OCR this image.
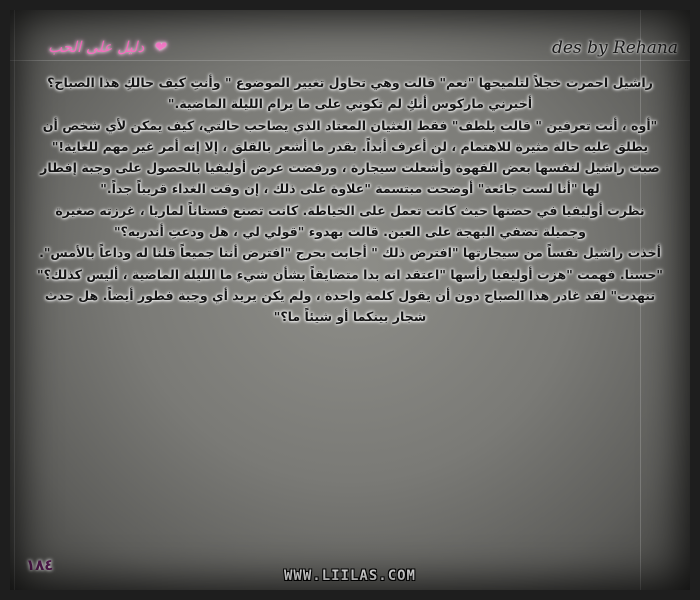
❤ دليل على الحب	des by Rehana

راشيل احمرت خجلاً لتلميحها "نعم" قالت وهي تحاول تغيير الموضوع " وأنتِ كيف حالكِ هذا الصباح؟ أخبرني ماركوس أنكِ لم تكوني على ما يرام الليلة الماضية."

"أوه ، أنت تعرفين " قالت بلطف" فقط الغثيان المعتاد الذي يصاحب حالتي، كيف يمكن لأي شخص أن يطلق عليه حالة مثيرة للاهتمام ، لن أعرف أبداً. بقدر ما أشعر بالقلق ، إلا إنه أمر غير مهم للغاية!"

صبت راشيل لنفسها بعض القهوة وأشعلت سيجارة ، ورفضت عرض أوليفيا بالحصول على وجبة إفطار لها "أنا لست جائعة" أوضحت مبتسمة "علاوة على ذلك ، إن وقت الغداء قريباً جداً."

نظرت أوليفيا في حضنها حيث كانت تعمل على الخياطة. كانت تصنع فستاناً لماريا ، غرزته صغيرة وجميلة تضفي البهجة على العين. قالت بهدوء "قولي لي ، هل ودعتِ أندريه؟"

أخذت راشيل نفساً من سيجارتها "افترض ذلك " أجابت بحرج "افترض أننا جميعاً قلنا له وداعاً بالأمس".

"حسنا. فهمت "هزت أوليفيا رأسها "اعتقد انه بدا متضايقاً بشأن شيء ما الليلة الماضية ، أليس كذلك؟" تنهدت" لقد غادر هذا الصباح دون أن يقول كلمة واحدة ، ولم يكن يريد أي وجبة فطور أيضاً. هل حدث شجار بينكما أو شيئاً ما؟"

١٨٤
WWW.LIILAS.COM
